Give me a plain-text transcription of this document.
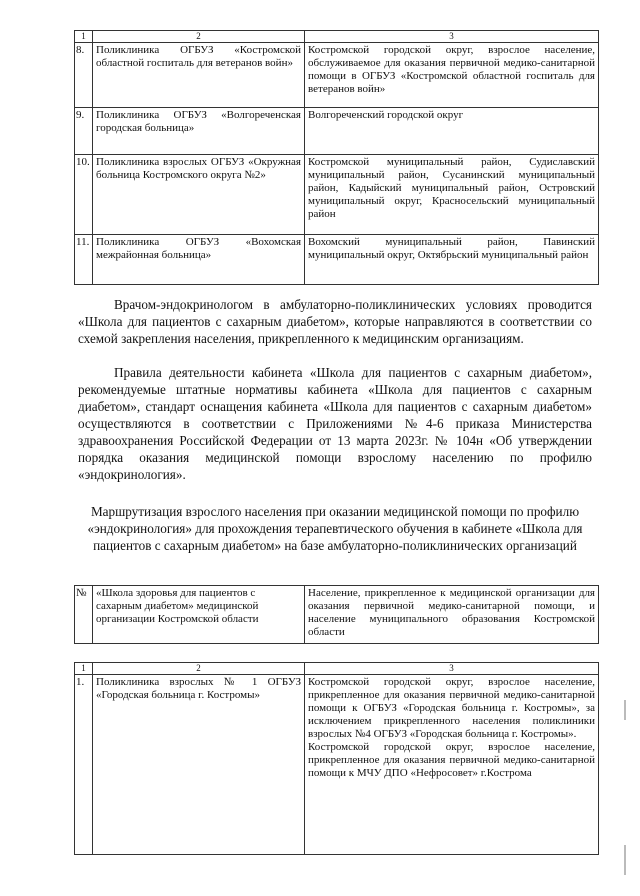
1	2	3
8.	Поликлиника ОГБУЗ «Костромской областной госпиталь для ветеранов войн»	Костромской городской округ, взрослое население, обслуживаемое для оказания первичной медико-санитарной помощи в ОГБУЗ «Костромской областной госпиталь для ветеранов войн»
9.	Поликлиника ОГБУЗ «Волгореченская городская больница»	Волгореченский городской округ
10.	Поликлиника взрослых ОГБУЗ «Окружная больница Костромского округа №2»	Костромской муниципальный район, Судиславский муниципальный район, Сусанинский муниципальный район, Кадыйский муниципальный район, Островский муниципальный округ, Красносельский муниципальный район
11.	Поликлиника ОГБУЗ «Вохомская межрайонная больница»	Вохомский муниципальный район, Павинский муниципальный округ, Октябрьский муниципальный район

Врачом-эндокринологом в амбулаторно-поликлинических условиях проводится «Школа для пациентов с сахарным диабетом», которые направляются в соответствии со схемой закрепления населения, прикрепленного к медицинским организациям.

Правила деятельности кабинета «Школа для пациентов с сахарным диабетом», рекомендуемые штатные нормативы кабинета «Школа для пациентов с сахарным диабетом», стандарт оснащения кабинета «Школа для пациентов с сахарным диабетом» осуществляются в соответствии с Приложениями №4-6 приказа Министерства здравоохранения Российской Федерации от 13 марта 2023г. № 104н «Об утверждении порядка оказания медицинской помощи взрослому населению по профилю «эндокринология».

Маршрутизация взрослого населения при оказании медицинской помощи по профилю «эндокринология» для прохождения терапевтического обучения в кабинете «Школа для пациентов с сахарным диабетом» на базе амбулаторно-поликлинических организаций

№	«Школа здоровья для пациентов с сахарным диабетом» медицинской организации Костромской области	Население, прикрепленное к медицинской организации для оказания первичной медико-санитарной помощи, и население муниципального образования Костромской области
1	2	3
1.	Поликлиника взрослых № 1 ОГБУЗ «Городская больница г. Костромы»	Костромской городской округ, взрослое население, прикрепленное для оказания первичной медико-санитарной помощи к ОГБУЗ «Городская больница г. Костромы», за исключением прикрепленного населения поликлиники взрослых №4 ОГБУЗ «Городская больница г. Костромы».
Костромской городской округ, взрослое население, прикрепленное для оказания первичной медико-санитарной помощи к МЧУ ДПО «Нефросовет» г.Кострома
